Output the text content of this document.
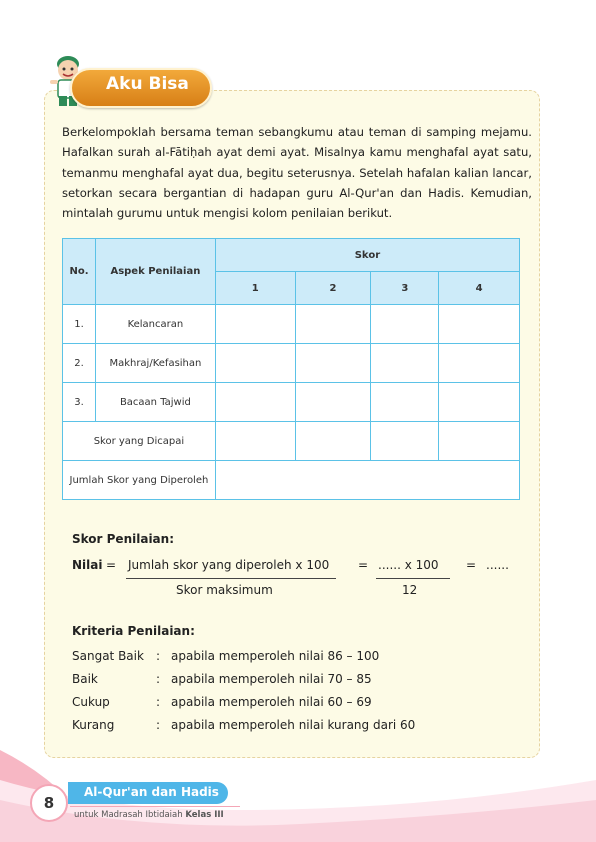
Aku Bisa
Berkelompoklah bersama teman sebangkumu atau teman di samping mejamu. Hafalkan surah al-Fātiḥah ayat demi ayat. Misalnya kamu menghafal ayat satu, temanmu menghafal ayat dua, begitu seterusnya. Setelah hafalan kalian lancar, setorkan secara bergantian di hadapan guru Al-Qur'an dan Hadis. Kemudian, mintalah gurumu untuk mengisi kolom penilaian berikut.
No.	Aspek Penilaian	Skor			
		1	2	3	4
1.	Kelancaran				
2.	Makhraj/Kefasihan				
3.	Bacaan Tajwid				
Skor yang Dicapai					
Jumlah Skor yang Diperoleh					
Skor Penilaian:
Nilai = Jumlah skor yang diperoleh x 100
Skor maksimum
= ...... x 100
12
= ......
Kriteria Penilaian:
Sangat Baik : apabila memperoleh nilai 86 – 100
Baik	: apabila memperoleh nilai 70 – 85
Cukup	: apabila memperoleh nilai 60 – 69
Kurang	: apabila memperoleh nilai kurang dari 60
Al-Qur'an dan Hadis
untuk Madrasah Ibtidaiah Kelas III
8
